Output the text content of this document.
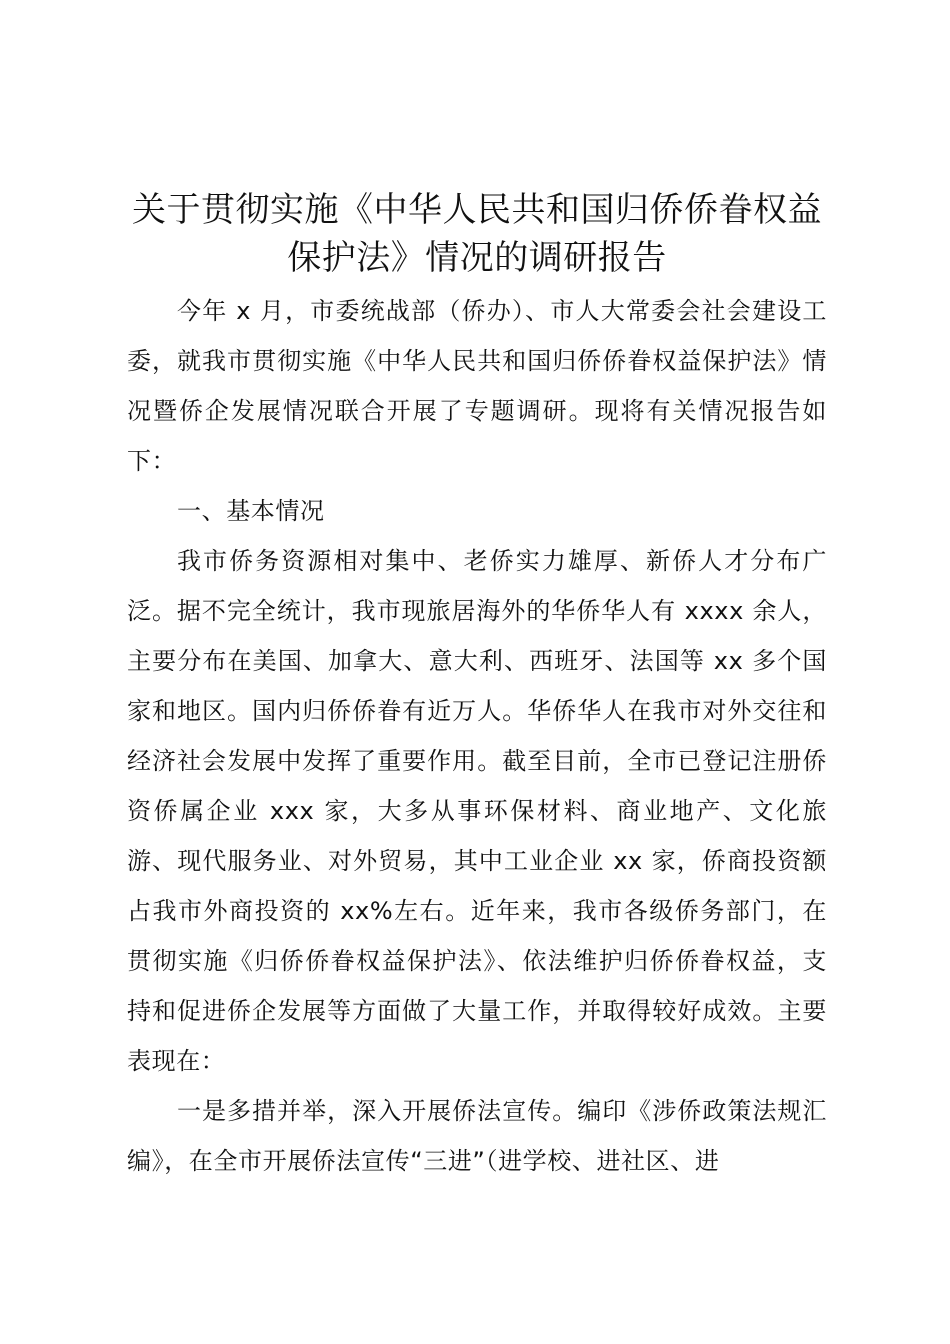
关于贯彻实施《中华人民共和国归侨侨眷权益
保护法》情况的调研报告

今年 x 月，市委统战部（侨办）、市人大常委会社会建设工委，就我市贯彻实施《中华人民共和国归侨侨眷权益保护法》情况暨侨企发展情况联合开展了专题调研。现将有关情况报告如下：

一、基本情况

我市侨务资源相对集中、老侨实力雄厚、新侨人才分布广泛。据不完全统计，我市现旅居海外的华侨华人有 xxxx 余人，主要分布在美国、加拿大、意大利、西班牙、法国等 xx 多个国家和地区。国内归侨侨眷有近万人。华侨华人在我市对外交往和经济社会发展中发挥了重要作用。截至目前，全市已登记注册侨资侨属企业 xxx 家，大多从事环保材料、商业地产、文化旅游、现代服务业、对外贸易，其中工业企业 xx 家，侨商投资额占我市外商投资的 xx%左右。近年来，我市各级侨务部门，在贯彻实施《归侨侨眷权益保护法》、依法维护归侨侨眷权益，支持和促进侨企发展等方面做了大量工作，并取得较好成效。主要表现在：

一是多措并举，深入开展侨法宣传。编印《涉侨政策法规汇编》，在全市开展侨法宣传“三进”（进学校、进社区、进
